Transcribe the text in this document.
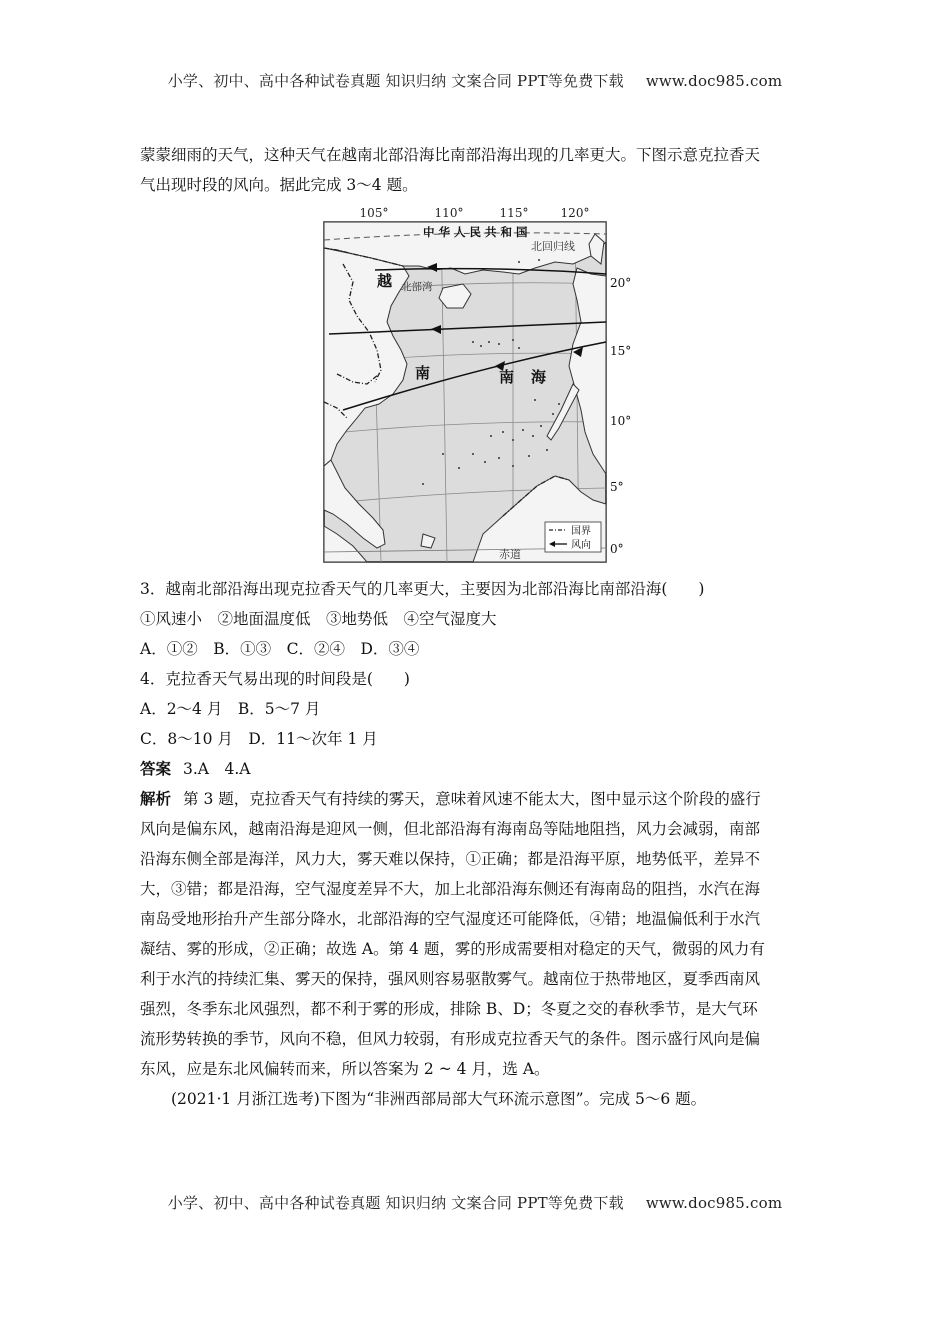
小学、初中、高中各种试卷真题 知识归纳 文案合同 PPT等免费下载 www.doc985.com

蒙蒙细雨的天气，这种天气在越南北部沿海比南部沿海出现的几率更大。下图示意克拉香天

气出现时段的风向。据此完成 3～4 题。

105°	110°	115°	120°
中 华 人 民 共 和 国
北回归线
越 北部湾
南	南 海
赤道
国界
风向
20°
15°
10°
5°
0°

3．越南北部沿海出现克拉香天气的几率更大，主要因为北部沿海比南部沿海(　　)

①风速小　②地面温度低　③地势低　④空气湿度大

A．①②　B．①③　C．②④　D．③④

4．克拉香天气易出现的时间段是(　　)

A．2～4 月　B．5～7 月

C．8～10 月　D．11～次年 1 月

答案 3.A　4.A

解析 第 3 题，克拉香天气有持续的雾天，意味着风速不能太大，图中显示这个阶段的盛行

风向是偏东风，越南沿海是迎风一侧，但北部沿海有海南岛等陆地阻挡，风力会减弱，南部

沿海东侧全部是海洋，风力大，雾天难以保持，①正确；都是沿海平原，地势低平，差异不

大，③错；都是沿海，空气湿度差异不大，加上北部沿海东侧还有海南岛的阻挡，水汽在海

南岛受地形抬升产生部分降水，北部沿海的空气湿度还可能降低，④错；地温偏低利于水汽

凝结、雾的形成，②正确；故选 A。第 4 题，雾的形成需要相对稳定的天气，微弱的风力有

利于水汽的持续汇集、雾天的保持，强风则容易驱散雾气。越南位于热带地区，夏季西南风

强烈，冬季东北风强烈，都不利于雾的形成，排除 B、D；冬夏之交的春秋季节，是大气环

流形势转换的季节，风向不稳，但风力较弱，有形成克拉香天气的条件。图示盛行风向是偏

东风，应是东北风偏转而来，所以答案为 2 ~ 4 月，选 A。

(2021·1 月浙江选考)下图为“非洲西部局部大气环流示意图”。完成 5～6 题。

小学、初中、高中各种试卷真题 知识归纳 文案合同 PPT等免费下载 www.doc985.com
